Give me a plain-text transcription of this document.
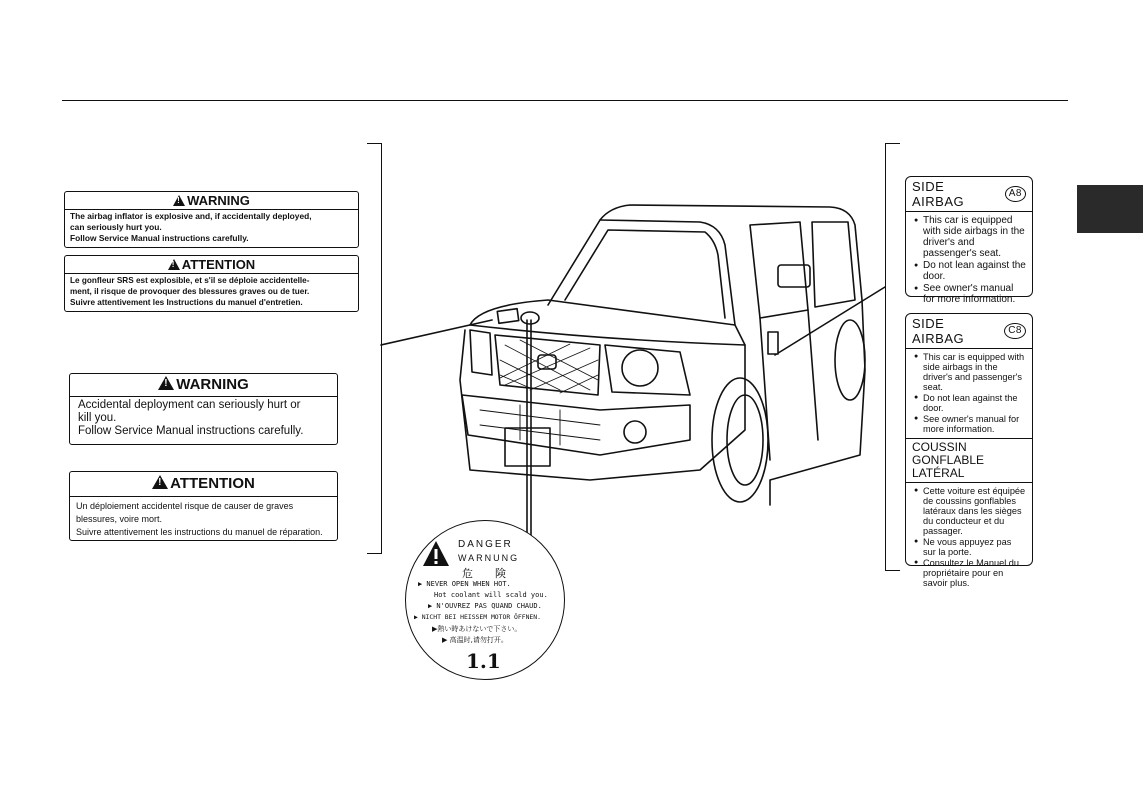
!WARNING
The airbag inflator is explosive and, if accidentally deployed,
can seriously hurt you.
Follow Service Manual instructions carefully.
!ATTENTION
Le gonfleur SRS est explosible, et s'il se déploie accidentelle-
ment, il risque de provoquer des blessures graves ou de tuer.
Suivre attentivement les Instructions du manuel d'entretien.
!WARNING
Accidental deployment can seriously hurt or
kill you.
Follow Service Manual instructions carefully.
!ATTENTION
Un déploiement accidentel risque de causer de graves
blessures, voire mort.
Suivre attentivement les instructions du manuel de réparation.
SIDE AIRBAG
A8
● This car is equipped with side airbags in the driver's and passenger's seat.
● Do not lean against the door.
● See owner's manual for more information.
SIDE AIRBAG
C8
● This car is equipped with side airbags in the driver's and passenger's seat.
● Do not lean against the door.
● See owner's manual for more information.
COUSSIN GONFLABLE
LATÉRAL
● Cette voiture est équipée de coussins gonflables latéraux dans les sièges du conducteur et du passager.
● Ne vous appuyez pas sur la porte.
● Consultez le Manuel du propriétaire pour en savoir plus.
DANGER
WARNUNG
危　　険
▶ NEVER OPEN WHEN HOT.
Hot coolant will scald you.
▶ N'OUVREZ PAS QUAND CHAUD.
▶ NICHT BEI HEISSEM MOTOR ÖFFNEN.
▶熱い時あけないで下さい。
▶ 高温时,请勿打开。
1.1
